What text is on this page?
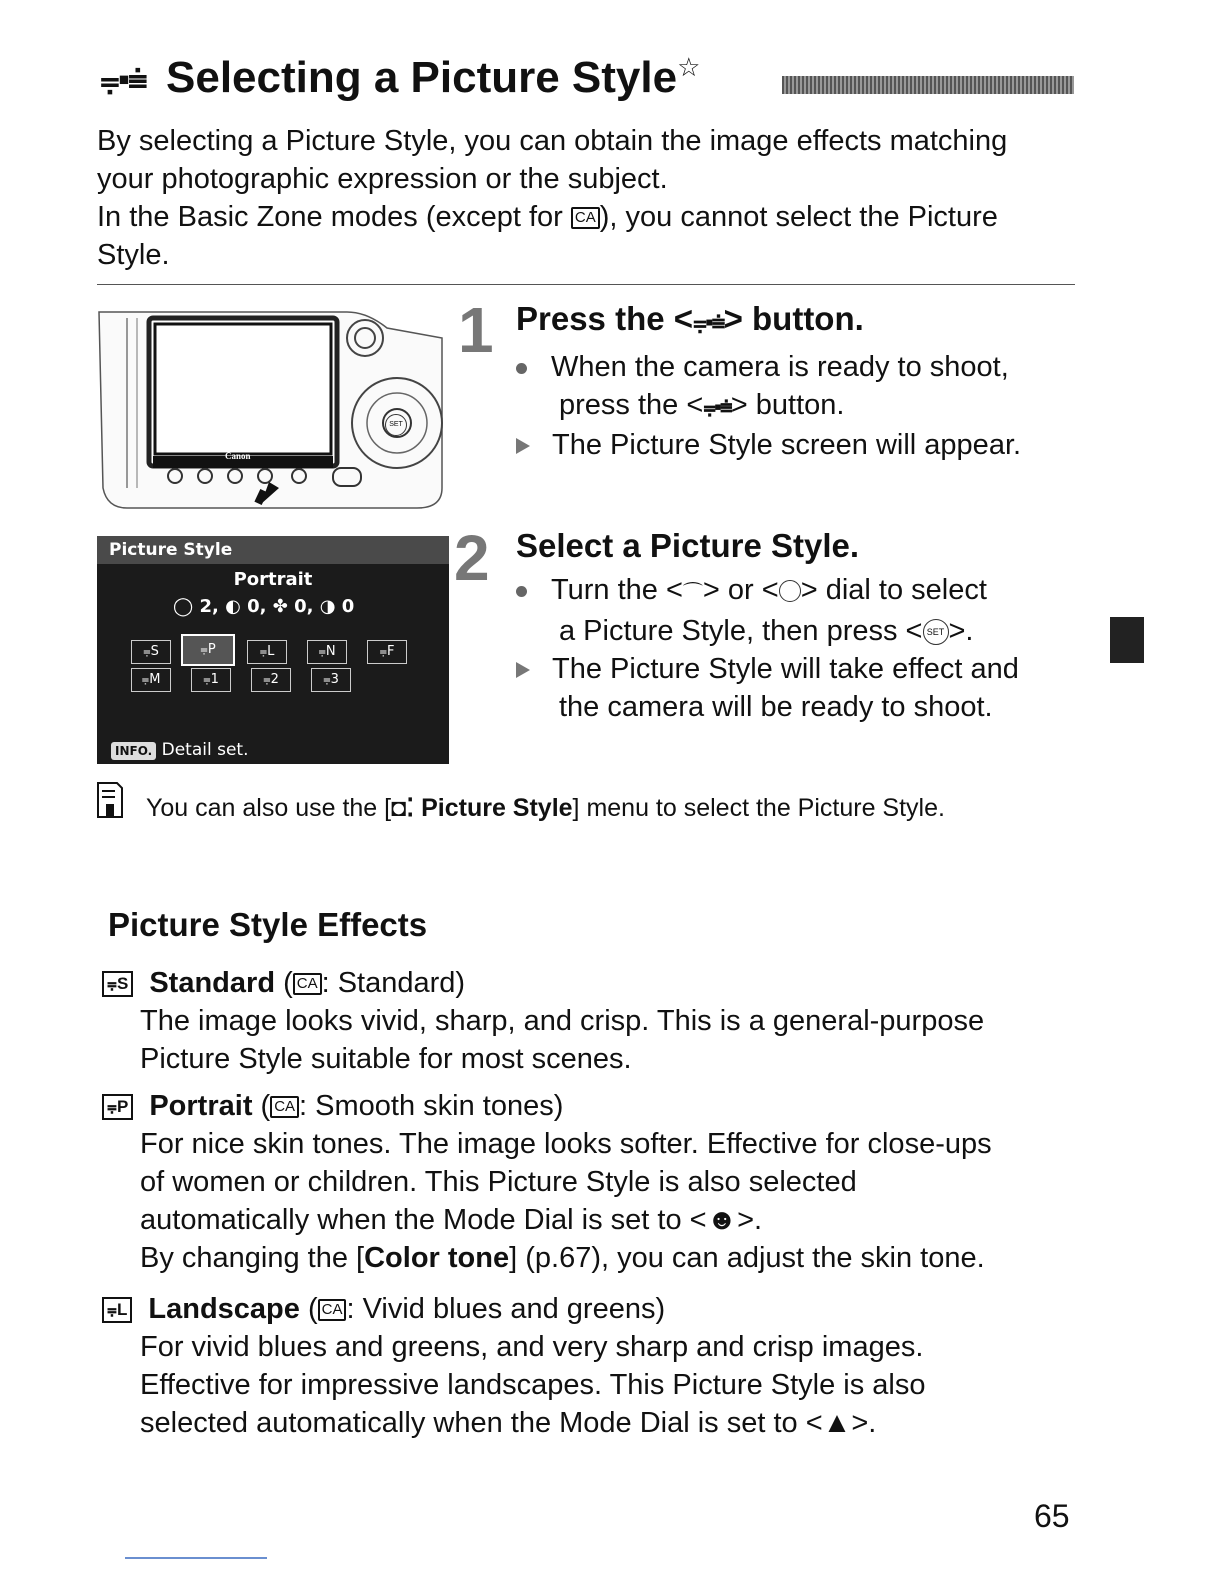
⩦▪⩧ Selecting a Picture Style☆
By selecting a Picture Style, you can obtain the image effects matching
your photographic expression or the subject.
In the Basic Zone modes (except for CA ), you cannot select the Picture
Style.
Canon
SET
1 Press the <⩦▪⩧> button.
When the camera is ready to shoot,
press the <⩦▪⩧> button.
The Picture Style screen will appear.
Picture Style
Portrait
◯ 2, ◐ 0, ✤ 0, ◑ 0
⩦S	⩦P	⩦L	⩦N	⩦F
⩦M	⩦1	⩦2	⩦3
INFO. Detail set.
2 Select a Picture Style.
Turn the <⌒> or < > dial to select
a Picture Style, then press < SET >.
The Picture Style will take effect and
the camera will be ready to shoot.
You can also use the [◘⁚ Picture Style] menu to select the Picture Style.
Picture Style Effects
⩦S Standard ( CA : Standard)
The image looks vivid, sharp, and crisp. This is a general-purpose
Picture Style suitable for most scenes.
⩦P Portrait ( CA : Smooth skin tones)
For nice skin tones. The image looks softer. Effective for close-ups
of women or children. This Picture Style is also selected
automatically when the Mode Dial is set to <☻>.
By changing the [Color tone] (p.67), you can adjust the skin tone.
⩦L Landscape ( CA : Vivid blues and greens)
For vivid blues and greens, and very sharp and crisp images.
Effective for impressive landscapes. This Picture Style is also
selected automatically when the Mode Dial is set to <▲>.
65
